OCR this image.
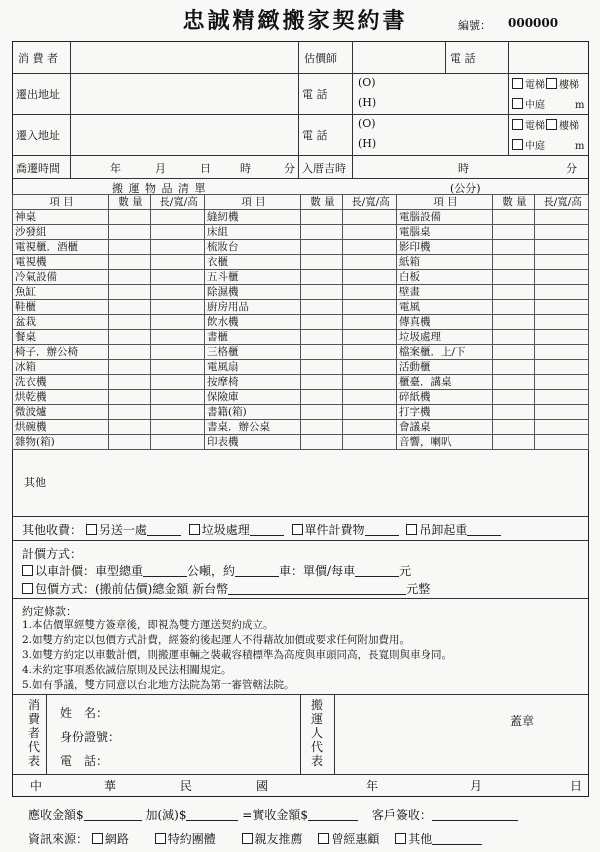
忠誠精緻搬家契約書	編號： 000000
消 費 者	估價師	電 話
遷出地址	電 話
(O)
(H)
電梯 樓梯
中庭	m
遷入地址	電 話
(O)
(H)
電梯 樓梯
中庭	m
喬遷時間	年	月	日	時	分 入厝吉時	時	分
搬 運 物 品 清 單	(公分)
項 目	數 量	長/寬/高	項 目	數 量	長/寬/高	項 目	數 量	長/寬/高
神桌			縫紉機			電腦設備		
沙發組			床組			電腦桌		
電視櫃．酒櫃			梳妝台			影印機		
電視機			衣櫃			紙箱		
冷氣設備			五斗櫃			白板		
魚缸			除濕機			壁畫		
鞋櫃			廚房用品			電風		
盆栽			飲水機			傳真機		
餐桌			書櫃			垃圾處理		
椅子．辦公椅			三格櫃			檔案櫃．上/下		
冰箱			電風扇			活動櫃		
洗衣機			按摩椅			櫃臺．講桌		
烘乾機			保險庫			碎紙機		
微波爐			書籍(箱)			打字機		
烘碗機			書桌．辦公桌			會議桌		
雜物(箱)			印表機			音響，喇叭		
其他
其他收費： 另送一處	垃圾處理	單件計費物	吊卸起重
計價方式：
以車計價：車型總重	公噸，約	車：單價/每車	元
包價方式：(搬前估價)總金額 新台幣	元整
約定條款：
1.本估價單經雙方簽章後，即視為雙方運送契約成立。
2.如雙方約定以包價方式計費，經簽約後起運人不得藉故加價或要求任何附加費用。
3.如雙方約定以車數計價，則搬運車輛之裝載容積標準為高度與車頭同高，長寬則與車身同。
4.未約定事項悉依誠信原則及民法相關規定。
5.如有爭議，雙方同意以台北地方法院為第一審管轄法院。
消費者代表
姓　名：
身份證號：
電　話：
搬運人代表
蓋章
中	華	民	國	年	月	日
應收金額$	加(減)$	=實收金額$	客戶簽收：
資訊來源： 網路	特約團體	親友推薦 曾經惠顧 其他
